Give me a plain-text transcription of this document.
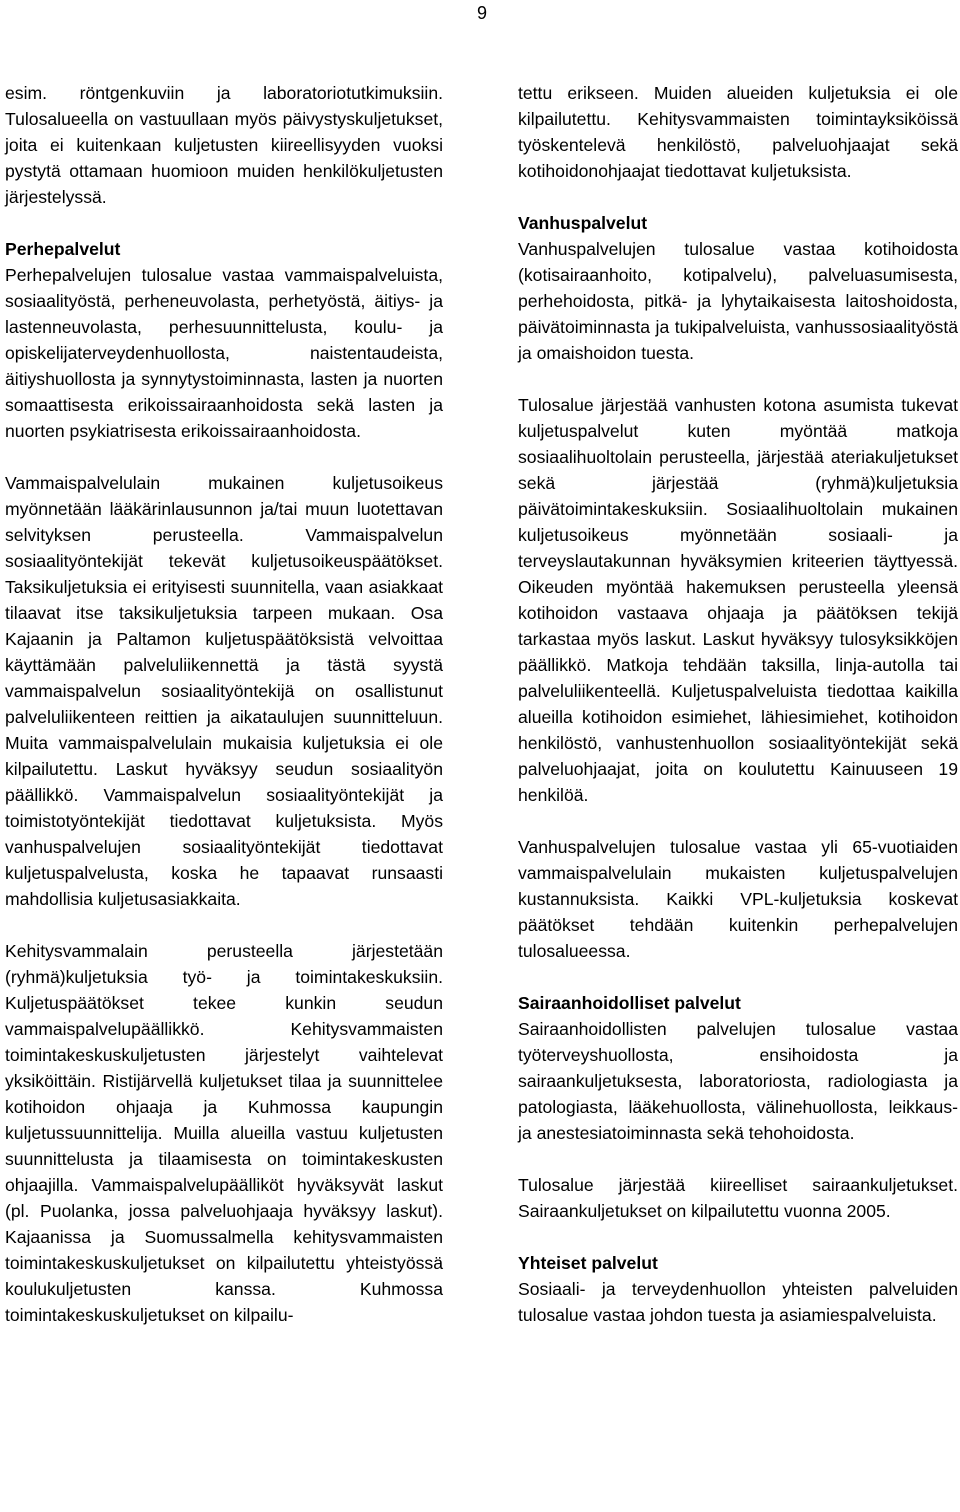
9

esim. röntgenkuviin ja laboratoriotutkimuksiin. Tulosalueella on vastuullaan myös päivystyskuljetukset, joita ei kuitenkaan kuljetusten kiireellisyyden vuoksi pystytä ottamaan huomioon muiden henkilökuljetusten järjestelyssä.

Perhepalvelut
Perhepalvelujen tulosalue vastaa vammaispalveluista, sosiaalityöstä, perheneuvolasta, perhetyöstä, äitiys- ja lastenneuvolasta, perhesuunnittelusta, koulu- ja opiskelijaterveydenhuollosta, naistentaudeista, äitiyshuollosta ja synnytystoiminnasta, lasten ja nuorten somaattisesta erikoissairaanhoidosta sekä lasten ja nuorten psykiatrisesta erikoissairaanhoidosta.

Vammaispalvelulain mukainen kuljetusoikeus myönnetään lääkärinlausunnon ja/tai muun luotettavan selvityksen perusteella. Vammaispalvelun sosiaalityöntekijät tekevät kuljetusoikeuspäätökset. Taksikuljetuksia ei erityisesti suunnitella, vaan asiakkaat tilaavat itse taksikuljetuksia tarpeen mukaan. Osa Kajaanin ja Paltamon kuljetuspäätöksistä velvoittaa käyttämään palveluliikennettä ja tästä syystä vammaispalvelun sosiaalityöntekijä on osallistunut palveluliikenteen reittien ja aikataulujen suunnitteluun. Muita vammaispalvelulain mukaisia kuljetuksia ei ole kilpailutettu. Laskut hyväksyy seudun sosiaalityön päällikkö. Vammaispalvelun sosiaalityöntekijät ja toimistotyöntekijät tiedottavat kuljetuksista. Myös vanhuspalvelujen sosiaalityöntekijät tiedottavat kuljetuspalvelusta, koska he tapaavat runsaasti mahdollisia kuljetusasiakkaita.

Kehitysvammalain perusteella järjestetään (ryhmä)kuljetuksia työ- ja toimintakeskuksiin. Kuljetuspäätökset tekee kunkin seudun vammaispalvelupäällikkö. Kehitysvammaisten toimintakeskuskuljetusten järjestelyt vaihtelevat yksiköittäin. Ristijärvellä kuljetukset tilaa ja suunnittelee kotihoidon ohjaaja ja Kuhmossa kaupungin kuljetussuunnittelija. Muilla alueilla vastuu kuljetusten suunnittelusta ja tilaamisesta on toimintakeskusten ohjaajilla. Vammaispalvelupäälliköt hyväksyvät laskut (pl. Puolanka, jossa palveluohjaaja hyväksyy laskut). Kajaanissa ja Suomussalmella kehitysvammaisten toimintakeskuskuljetukset on kilpailutettu yhteistyössä koulukuljetusten kanssa. Kuhmossa toimintakeskuskuljetukset on kilpailu-

tettu erikseen. Muiden alueiden kuljetuksia ei ole kilpailutettu. Kehitysvammaisten toimintayksiköissä työskentelevä henkilöstö, palveluohjaajat sekä kotihoidonohjaajat tiedottavat kuljetuksista.

Vanhuspalvelut
Vanhuspalvelujen tulosalue vastaa kotihoidosta (kotisairaanhoito, kotipalvelu), palveluasumisesta, perhehoidosta, pitkä- ja lyhytaikaisesta laitoshoidosta, päivätoiminnasta ja tukipalveluista, vanhussosiaalityöstä ja omaishoidon tuesta.

Tulosalue järjestää vanhusten kotona asumista tukevat kuljetuspalvelut kuten myöntää matkoja sosiaalihuoltolain perusteella, järjestää ateriakuljetukset sekä järjestää (ryhmä)kuljetuksia päivätoimintakeskuksiin. Sosiaalihuoltolain mukainen kuljetusoikeus myönnetään sosiaali- ja terveyslautakunnan hyväksymien kriteerien täyttyessä. Oikeuden myöntää hakemuksen perusteella yleensä kotihoidon vastaava ohjaaja ja päätöksen tekijä tarkastaa myös laskut. Laskut hyväksyy tulosyksikköjen päällikkö. Matkoja tehdään taksilla, linja-autolla tai palveluliikenteellä. Kuljetuspalveluista tiedottaa kaikilla alueilla kotihoidon esimiehet, lähiesimiehet, kotihoidon henkilöstö, vanhustenhuollon sosiaalityöntekijät sekä palveluohjaajat, joita on koulutettu Kainuuseen 19 henkilöä.

Vanhuspalvelujen tulosalue vastaa yli 65-vuotiaiden vammaispalvelulain mukaisten kuljetuspalvelujen kustannuksista. Kaikki VPL-kuljetuksia koskevat päätökset tehdään kuitenkin perhepalvelujen tulosalueessa.

Sairaanhoidolliset palvelut
Sairaanhoidollisten palvelujen tulosalue vastaa työterveyshuollosta, ensihoidosta ja sairaankuljetuksesta, laboratoriosta, radiologiasta ja patologiasta, lääkehuollosta, välinehuollosta, leikkaus- ja anestesiatoiminnasta sekä tehohoidosta.

Tulosalue järjestää kiireelliset sairaankuljetukset. Sairaankuljetukset on kilpailutettu vuonna 2005.

Yhteiset palvelut
Sosiaali- ja terveydenhuollon yhteisten palveluiden tulosalue vastaa johdon tuesta ja asiamiespalveluista.
